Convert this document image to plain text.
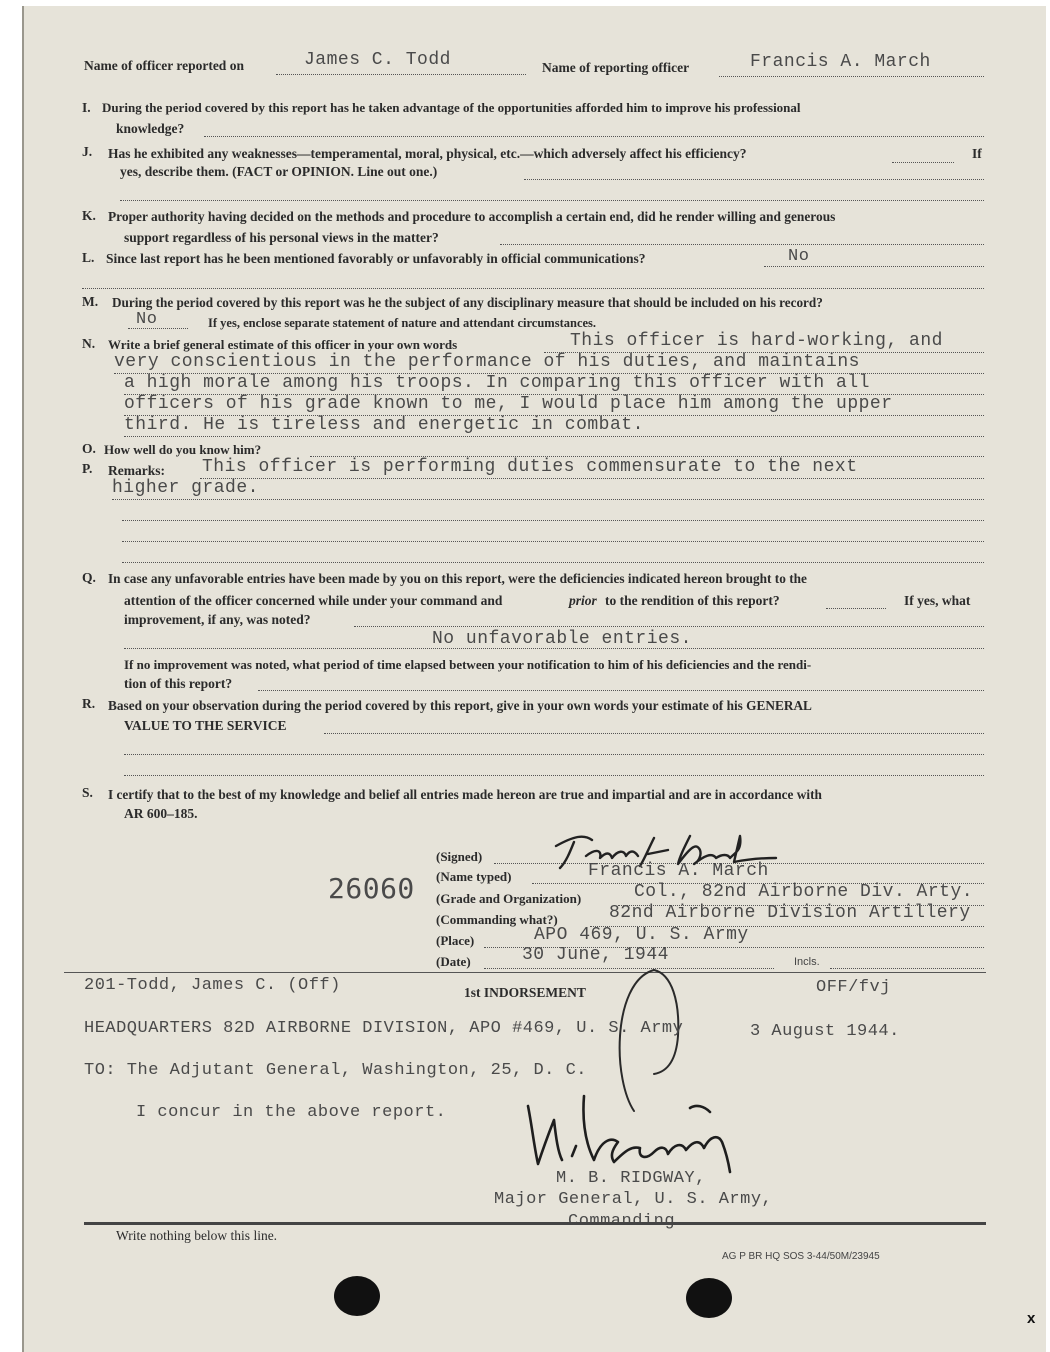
Name of officer reported on	James C. Todd	Name of reporting officer	Francis A. March
I. During the period covered by this report has he taken advantage of the opportunities afforded him to improve his professional
knowledge?
J. Has he exhibited any weaknesses—temperamental, moral, physical, etc.—which adversely affect his efficiency?	If
yes, describe them. (FACT or OPINION. Line out one.)
K. Proper authority having decided on the methods and procedure to accomplish a certain end, did he render willing and generous
support regardless of his personal views in the matter?
L. Since last report has he been mentioned favorably or unfavorably in official communications?	No
M. During the period covered by this report was he the subject of any disciplinary measure that should be included on his record?
No	If yes, enclose separate statement of nature and attendant circumstances.
N. Write a brief general estimate of this officer in your own words	This officer is hard-working, and
very conscientious in the performance of his duties, and maintains
a high morale among his troops. In comparing this officer with all
officers of his grade known to me, I would place him among the upper
third. He is tireless and energetic in combat.
O. How well do you know him?
P. Remarks: This officer is performing duties commensurate to the next
higher grade.
Q. In case any unfavorable entries have been made by you on this report, were the deficiencies indicated hereon brought to the
attention of the officer concerned while under your command and	prior to the rendition of this report?	If yes, what
improvement, if any, was noted?
No unfavorable entries.
If no improvement was noted, what period of time elapsed between your notification to him of his deficiencies and the rendi-
tion of this report?
R. Based on your observation during the period covered by this report, give in your own words your estimate of his GENERAL
VALUE TO THE SERVICE
S. I certify that to the best of my knowledge and belief all entries made hereon are true and impartial and are in accordance with
AR 600–185.
26060
(Signed)
(Name typed)	Francis A. March
(Grade and Organization)	Col., 82nd Airborne Div. Arty.
(Commanding what?)	82nd Airborne Division Artillery
(Place)	APO 469, U. S. Army
(Date)	30 June, 1944	Incls.
201-Todd, James C. (Off)	1st INDORSEMENT	OFF/fvj
HEADQUARTERS 82D AIRBORNE DIVISION, APO #469, U. S. Army	3 August 1944.
TO: The Adjutant General, Washington, 25, D. C.
I concur in the above report.
M. B. RIDGWAY,
Major General, U. S. Army,
Commanding.
Write nothing below this line.
AG P BR HQ SOS 3-44/50M/23945
x
